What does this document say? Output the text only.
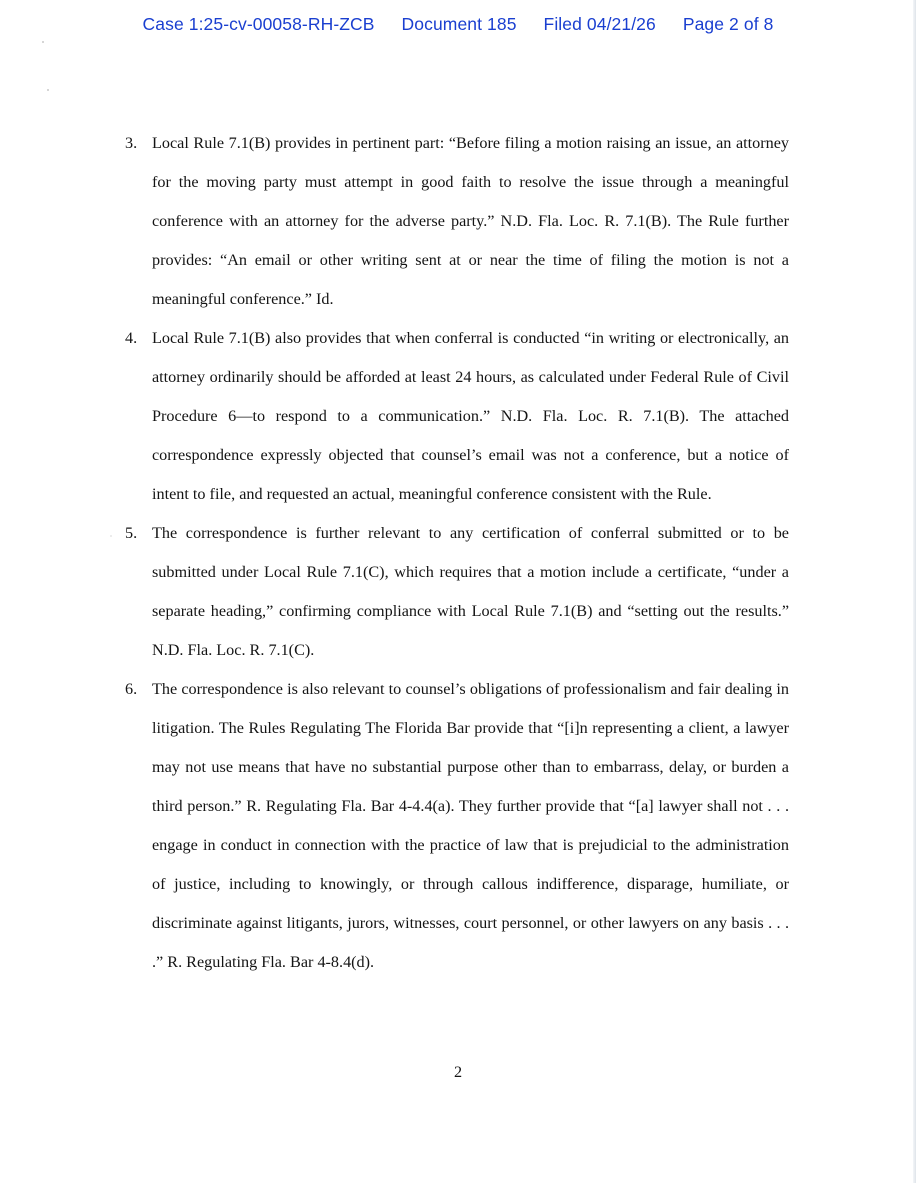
Case 1:25-cv-00058-RH-ZCB Document 185 Filed 04/21/26 Page 2 of 8
3. Local Rule 7.1(B) provides in pertinent part: “Before filing a motion raising an issue, an attorney for the moving party must attempt in good faith to resolve the issue through a meaningful conference with an attorney for the adverse party.” N.D. Fla. Loc. R. 7.1(B). The Rule further provides: “An email or other writing sent at or near the time of filing the motion is not a meaningful conference.” Id.
4. Local Rule 7.1(B) also provides that when conferral is conducted “in writing or electronically, an attorney ordinarily should be afforded at least 24 hours, as calculated under Federal Rule of Civil Procedure 6—to respond to a communication.” N.D. Fla. Loc. R. 7.1(B). The attached correspondence expressly objected that counsel’s email was not a conference, but a notice of intent to file, and requested an actual, meaningful conference consistent with the Rule.
5. The correspondence is further relevant to any certification of conferral submitted or to be submitted under Local Rule 7.1(C), which requires that a motion include a certificate, “under a separate heading,” confirming compliance with Local Rule 7.1(B) and “setting out the results.” N.D. Fla. Loc. R. 7.1(C).
6. The correspondence is also relevant to counsel’s obligations of professionalism and fair dealing in litigation. The Rules Regulating The Florida Bar provide that “[i]n representing a client, a lawyer may not use means that have no substantial purpose other than to embarrass, delay, or burden a third person.” R. Regulating Fla. Bar 4-4.4(a). They further provide that “[a] lawyer shall not . . . engage in conduct in connection with the practice of law that is prejudicial to the administration of justice, including to knowingly, or through callous indifference, disparage, humiliate, or discriminate against litigants, jurors, witnesses, court personnel, or other lawyers on any basis . . . .” R. Regulating Fla. Bar 4-8.4(d).
2
